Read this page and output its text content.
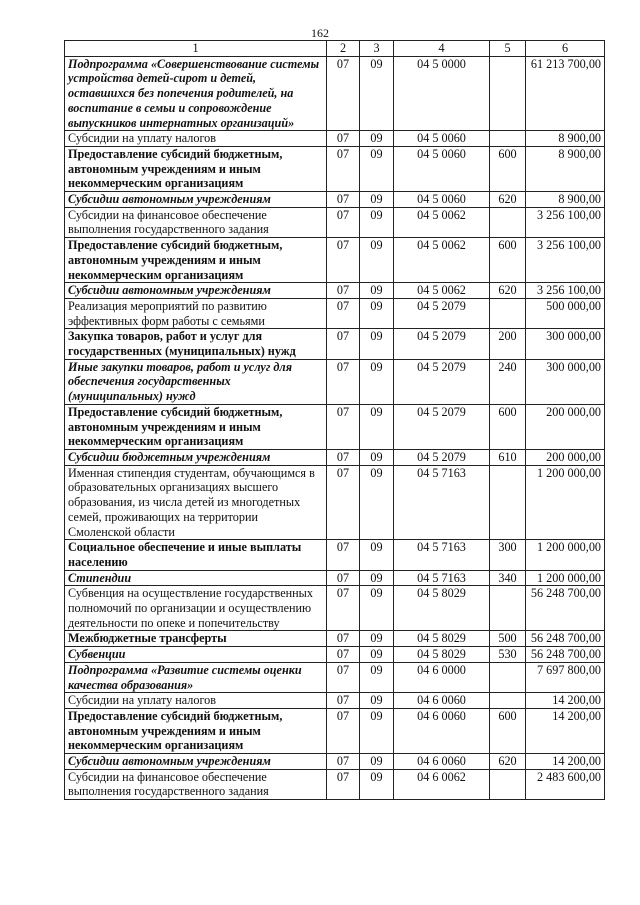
162
1	2	3	4	5	6
Подпрограмма «Совершенствование системы устройства детей-сирот и детей, оставшихся без попечения родителей, на воспитание в семьи и сопровождение выпускников интернатных организаций»	07	09	04 5 0000		61 213 700,00
Субсидии на уплату налогов	07	09	04 5 0060		8 900,00
Предоставление субсидий бюджетным, автономным учреждениям и иным некоммерческим организациям	07	09	04 5 0060	600	8 900,00
Субсидии автономным учреждениям	07	09	04 5 0060	620	8 900,00
Субсидии на финансовое обеспечение выполнения государственного задания	07	09	04 5 0062		3 256 100,00
Предоставление субсидий бюджетным, автономным учреждениям и иным некоммерческим организациям	07	09	04 5 0062	600	3 256 100,00
Субсидии автономным учреждениям	07	09	04 5 0062	620	3 256 100,00
Реализация мероприятий по развитию эффективных форм работы с семьями	07	09	04 5 2079		500 000,00
Закупка товаров, работ и услуг для государственных (муниципальных) нужд	07	09	04 5 2079	200	300 000,00
Иные закупки товаров, работ и услуг для обеспечения государственных (муниципальных) нужд	07	09	04 5 2079	240	300 000,00
Предоставление субсидий бюджетным, автономным учреждениям и иным некоммерческим организациям	07	09	04 5 2079	600	200 000,00
Субсидии бюджетным учреждениям	07	09	04 5 2079	610	200 000,00
Именная стипендия студентам, обучающимся в образовательных организациях высшего образования, из числа детей из многодетных семей, проживающих на территории Смоленской области	07	09	04 5 7163		1 200 000,00
Социальное обеспечение и иные выплаты населению	07	09	04 5 7163	300	1 200 000,00
Стипендии	07	09	04 5 7163	340	1 200 000,00
Субвенция на осуществление государственных полномочий по организации и осуществлению деятельности по опеке и попечительству	07	09	04 5 8029		56 248 700,00
Межбюджетные трансферты	07	09	04 5 8029	500	56 248 700,00
Субвенции	07	09	04 5 8029	530	56 248 700,00
Подпрограмма «Развитие системы оценки качества образования»	07	09	04 6 0000		7 697 800,00
Субсидии на уплату налогов	07	09	04 6 0060		14 200,00
Предоставление субсидий бюджетным, автономным учреждениям и иным некоммерческим организациям	07	09	04 6 0060	600	14 200,00
Субсидии автономным учреждениям	07	09	04 6 0060	620	14 200,00
Субсидии на финансовое обеспечение выполнения государственного задания	07	09	04 6 0062		2 483 600,00
